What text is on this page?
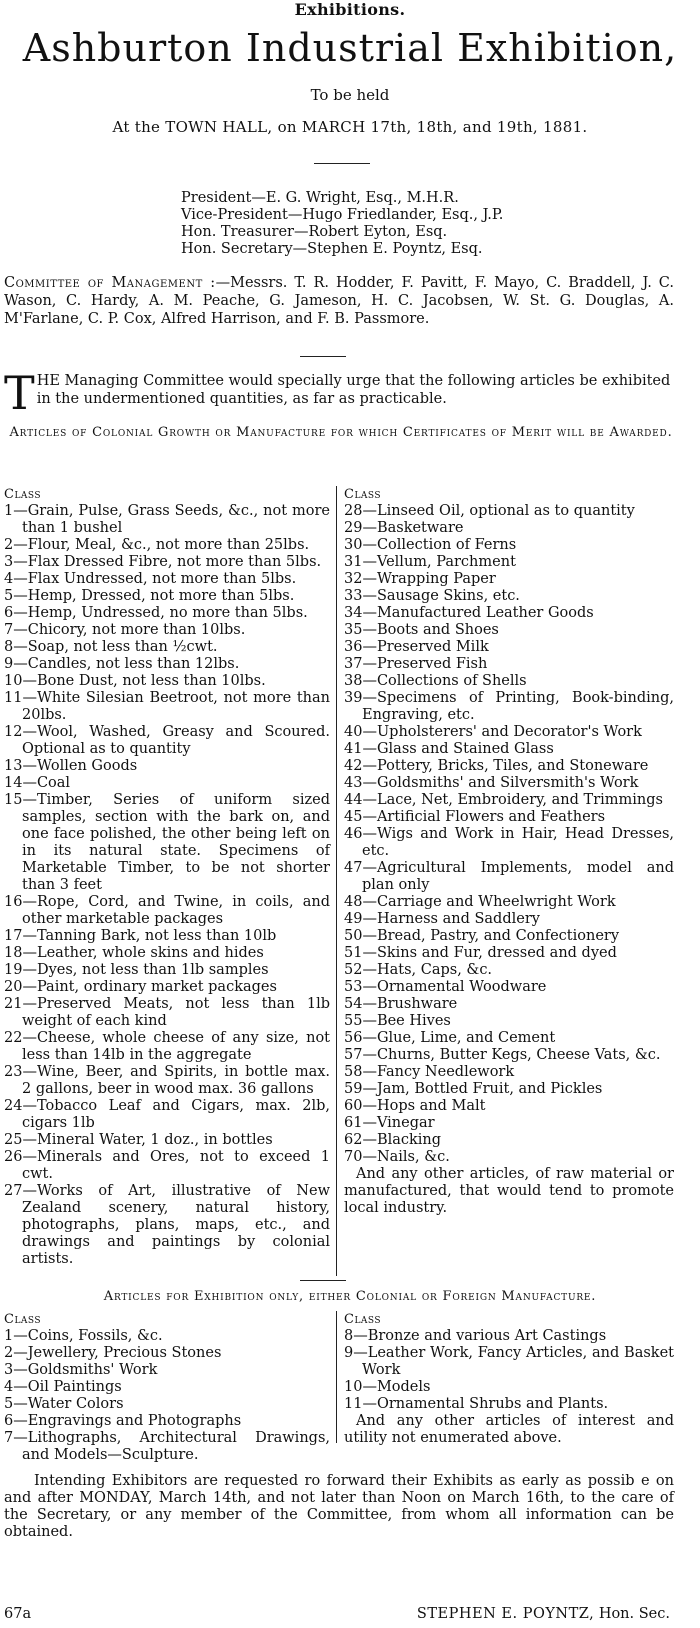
Exhibitions.
Ashburton Industrial Exhibition,
To be held
At the TOWN HALL, on MARCH 17th, 18th, and 19th, 1881.
President—E. G. Wright, Esq., M.H.R.
Vice-President—Hugo Friedlander, Esq., J.P.
Hon. Treasurer—Robert Eyton, Esq.
Hon. Secretary—Stephen E. Poyntz, Esq.
Committee of Management :—Messrs. T. R. Hodder, F. Pavitt, F. Mayo, C. Braddell, J. C. Wason, C. Hardy, A. M. Peache, G. Jameson, H. C. Jacobsen, W. St. G. Douglas, A. M'Farlane, C. P. Cox, Alfred Harrison, and F. B. Passmore.
THE Managing Committee would specially urge that the following articles be exhibited in the undermentioned quantities, as far as practicable.
Articles of Colonial Growth or Manufacture for which Certificates of Merit will be Awarded.
Class
1—Grain, Pulse, Grass Seeds, &c., not more than 1 bushel
2—Flour, Meal, &c., not more than 25lbs.
3—Flax Dressed Fibre, not more than 5lbs.
4—Flax Undressed, not more than 5lbs.
5—Hemp, Dressed, not more than 5lbs.
6—Hemp, Undressed, no more than 5lbs.
7—Chicory, not more than 10lbs.
8—Soap, not less than ½cwt.
9—Candles, not less than 12lbs.
10—Bone Dust, not less than 10lbs.
11—White Silesian Beetroot, not more than 20lbs.
12—Wool, Washed, Greasy and Scoured. Optional as to quantity
13—Wollen Goods
14—Coal
15—Timber, Series of uniform sized samples, section with the bark on, and one face polished, the other being left on in its natural state. Specimens of Marketable Timber, to be not shorter than 3 feet
16—Rope, Cord, and Twine, in coils, and other marketable packages
17—Tanning Bark, not less than 10lb
18—Leather, whole skins and hides
19—Dyes, not less than 1lb samples
20—Paint, ordinary market packages
21—Preserved Meats, not less than 1lb weight of each kind
22—Cheese, whole cheese of any size, not less than 14lb in the aggregate
23—Wine, Beer, and Spirits, in bottle max. 2 gallons, beer in wood max. 36 gallons
24—Tobacco Leaf and Cigars, max. 2lb, cigars 1lb
25—Mineral Water, 1 doz., in bottles
26—Minerals and Ores, not to exceed 1 cwt.
27—Works of Art, illustrative of New Zealand scenery, natural history, photographs, plans, maps, etc., and drawings and paintings by colonial artists.
Class
28—Linseed Oil, optional as to quantity
29—Basketware
30—Collection of Ferns
31—Vellum, Parchment
32—Wrapping Paper
33—Sausage Skins, etc.
34—Manufactured Leather Goods
35—Boots and Shoes
36—Preserved Milk
37—Preserved Fish
38—Collections of Shells
39—Specimens of Printing, Book-binding, Engraving, etc.
40—Upholsterers' and Decorator's Work
41—Glass and Stained Glass
42—Pottery, Bricks, Tiles, and Stoneware
43—Goldsmiths' and Silversmith's Work
44—Lace, Net, Embroidery, and Trimmings
45—Artificial Flowers and Feathers
46—Wigs and Work in Hair, Head Dresses, etc.
47—Agricultural Implements, model and plan only
48—Carriage and Wheelwright Work
49—Harness and Saddlery
50—Bread, Pastry, and Confectionery
51—Skins and Fur, dressed and dyed
52—Hats, Caps, &c.
53—Ornamental Woodware
54—Brushware
55—Bee Hives
56—Glue, Lime, and Cement
57—Churns, Butter Kegs, Cheese Vats, &c.
58—Fancy Needlework
59—Jam, Bottled Fruit, and Pickles
60—Hops and Malt
61—Vinegar
62—Blacking
70—Nails, &c.
And any other articles, of raw material or manufactured, that would tend to promote local industry.
Articles for Exhibition only, either Colonial or Foreign Manufacture.
Class
1—Coins, Fossils, &c.
2—Jewellery, Precious Stones
3—Goldsmiths' Work
4—Oil Paintings
5—Water Colors
6—Engravings and Photographs
7—Lithographs, Architectural Drawings, and Models—Sculpture.
Class
8—Bronze and various Art Castings
9—Leather Work, Fancy Articles, and Basket Work
10—Models
11—Ornamental Shrubs and Plants.
And any other articles of interest and utility not enumerated above.
Intending Exhibitors are requested ro forward their Exhibits as early as possib e on and after MONDAY, March 14th, and not later than Noon on March 16th, to the care of the Secretary, or any member of the Committee, from whom all information can be obtained.
67a	STEPHEN E. POYNTZ, Hon. Sec.
